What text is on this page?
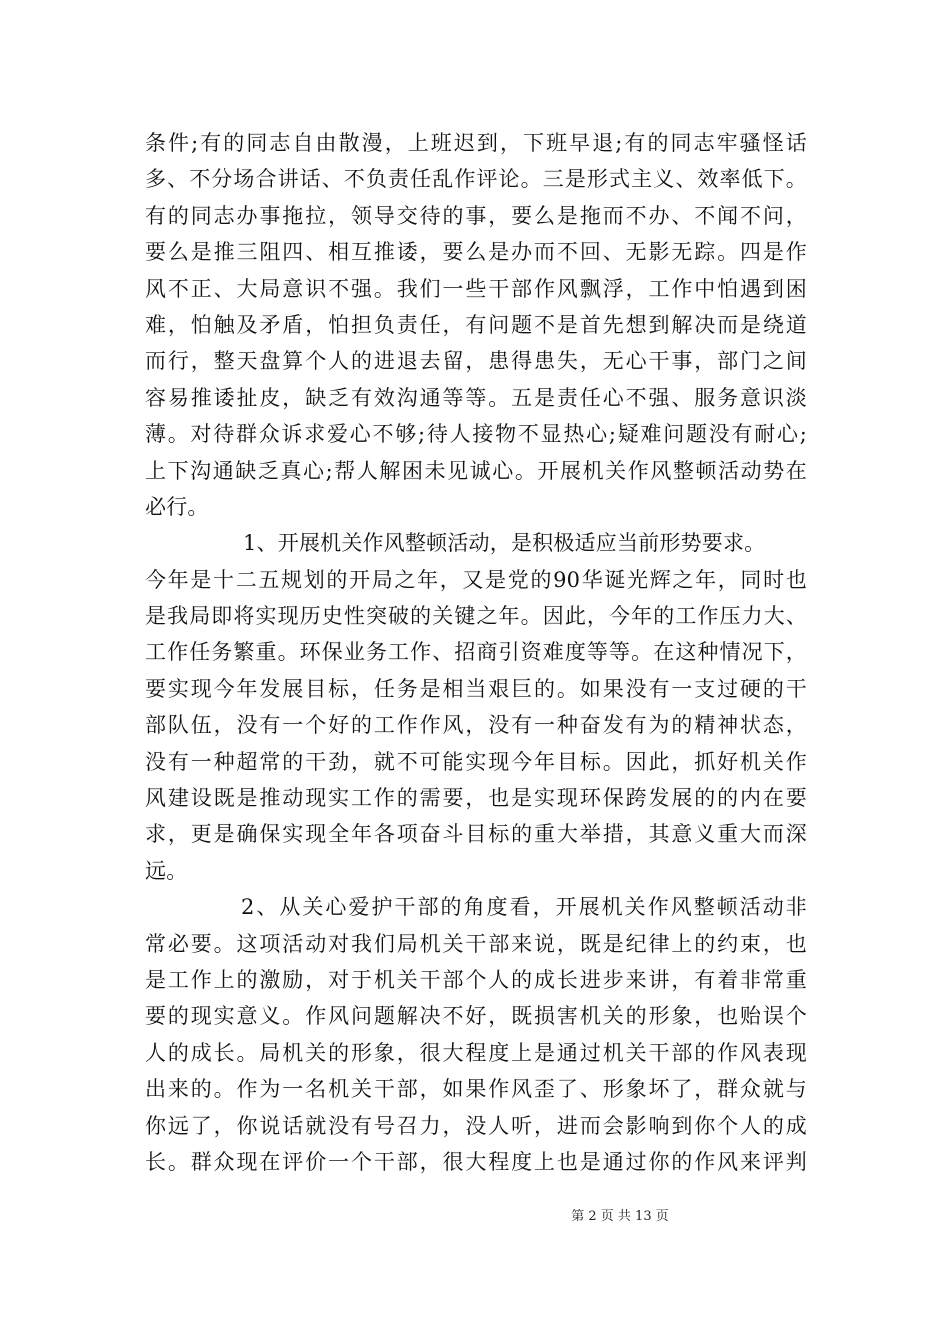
条件;有的同志自由散漫，上班迟到，下班早退;有的同志牢骚怪话
多、不分场合讲话、不负责任乱作评论。三是形式主义、效率低下。
有的同志办事拖拉，领导交待的事，要么是拖而不办、不闻不问，
要么是推三阻四、相互推诿，要么是办而不回、无影无踪。四是作
风不正、大局意识不强。我们一些干部作风飘浮，工作中怕遇到困
难，怕触及矛盾，怕担负责任，有问题不是首先想到解决而是绕道
而行，整天盘算个人的进退去留，患得患失，无心干事，部门之间
容易推诿扯皮，缺乏有效沟通等等。五是责任心不强、服务意识淡
薄。对待群众诉求爱心不够;待人接物不显热心;疑难问题没有耐心;
上下沟通缺乏真心;帮人解困未见诚心。开展机关作风整顿活动势在
必行。
1、开展机关作风整顿活动，是积极适应当前形势要求。
今年是十二五规划的开局之年，又是党的90华诞光辉之年，同时也
是我局即将实现历史性突破的关键之年。因此，今年的工作压力大、
工作任务繁重。环保业务工作、招商引资难度等等。在这种情况下，
要实现今年发展目标，任务是相当艰巨的。如果没有一支过硬的干
部队伍，没有一个好的工作作风，没有一种奋发有为的精神状态，
没有一种超常的干劲，就不可能实现今年目标。因此，抓好机关作
风建设既是推动现实工作的需要，也是实现环保跨发展的的内在要
求，更是确保实现全年各项奋斗目标的重大举措，其意义重大而深
远。
2、从关心爱护干部的角度看，开展机关作风整顿活动非
常必要。这项活动对我们局机关干部来说，既是纪律上的约束，也
是工作上的激励，对于机关干部个人的成长进步来讲，有着非常重
要的现实意义。作风问题解决不好，既损害机关的形象，也贻误个
人的成长。局机关的形象，很大程度上是通过机关干部的作风表现
出来的。作为一名机关干部，如果作风歪了、形象坏了，群众就与
你远了，你说话就没有号召力，没人听，进而会影响到你个人的成
长。群众现在评价一个干部，很大程度上也是通过你的作风来评判
第 2 页 共 13 页
